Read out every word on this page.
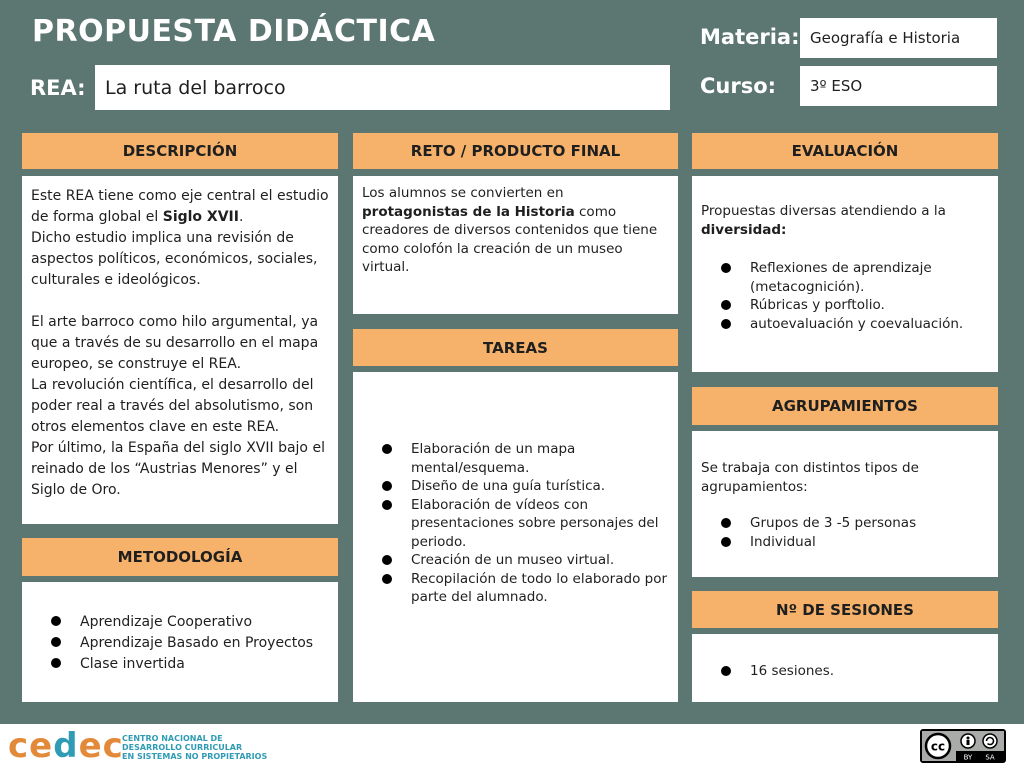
PROPUESTA DIDÁCTICA	Materia: Geografía e Historia
REA: La ruta del barroco	Curso: 3º ESO
DESCRIPCIÓN

Este REA tiene como eje central el estudio de forma global el Siglo XVII.

Dicho estudio implica una revisión de aspectos políticos, económicos, sociales, culturales e ideológicos.

El arte barroco como hilo argumental, ya que a través de su desarrollo en el mapa europeo, se construye el REA.

La revolución científica, el desarrollo del poder real a través del absolutismo, son otros elementos clave en este REA.

Por último, la España del siglo XVII bajo el reinado de los “Austrias Menores” y el Siglo de Oro.

METODOLOGÍA
Aprendizaje Cooperativo
Aprendizaje Basado en Proyectos
Clase invertida
RETO / PRODUCTO FINAL

Los alumnos se convierten en protagonistas de la Historia como creadores de diversos contenidos que tiene como colofón la creación de un museo virtual.

TAREAS
Elaboración de un mapa mental/esquema.
Diseño de una guía turística.
Elaboración de vídeos con presentaciones sobre personajes del periodo.
Creación de un museo virtual.
Recopilación de todo lo elaborado por parte del alumnado.
EVALUACIÓN

Propuestas diversas atendiendo a la diversidad:

Reflexiones de aprendizaje (metacognición).
Rúbricas y porftolio.
autoevaluación y coevaluación.
AGRUPAMIENTOS

Se trabaja con distintos tipos de agrupamientos:

Grupos de 3 -5 personas
Individual
Nº DE SESIONES
16 sesiones.
cedec
CENTRO NACIONAL DE
DESARROLLO CURRICULAR
EN SISTEMAS NO PROPIETARIOS
cc
BY SA
